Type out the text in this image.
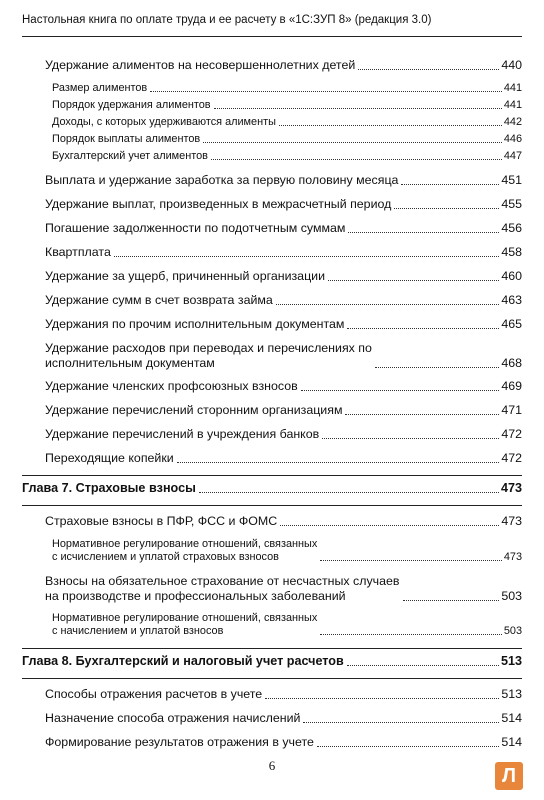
Настольная книга по оплате труда и ее расчету в «1С:ЗУП 8» (редакция 3.0)
Удержание алиментов на несовершеннолетних детей	440
Размер алиментов	441
Порядок удержания алиментов	441
Доходы, с которых удерживаются алименты	442
Порядок выплаты алиментов	446
Бухгалтерский учет алиментов	447
Выплата и удержание заработка за первую половину месяца	451
Удержание выплат, произведенных в межрасчетный период	455
Погашение задолженности по подотчетным суммам	456
Квартплата	458
Удержание за ущерб, причиненный организации	460
Удержание сумм в счет возврата займа	463
Удержания по прочим исполнительным документам	465
Удержание расходов при переводах и перечислениях по
исполнительным документам	468
Удержание членских профсоюзных взносов	469
Удержание перечислений сторонним организациям	471
Удержание перечислений в учреждения банков	472
Переходящие копейки	472
Глава 7. Страховые взносы	473
Страховые взносы в ПФР, ФСС и ФОМС	473
Нормативное регулирование отношений, связанных
с исчислением и уплатой страховых взносов	473
Взносы на обязательное страхование от несчастных случаев
на производстве и профессиональных заболеваний	503
Нормативное регулирование отношений, связанных
с начислением и уплатой взносов	503
Глава 8. Бухгалтерский и налоговый учет расчетов	513
Способы отражения расчетов в учете	513
Назначение способа отражения начислений	514
Формирование результатов отражения в учете	514
6	Л
